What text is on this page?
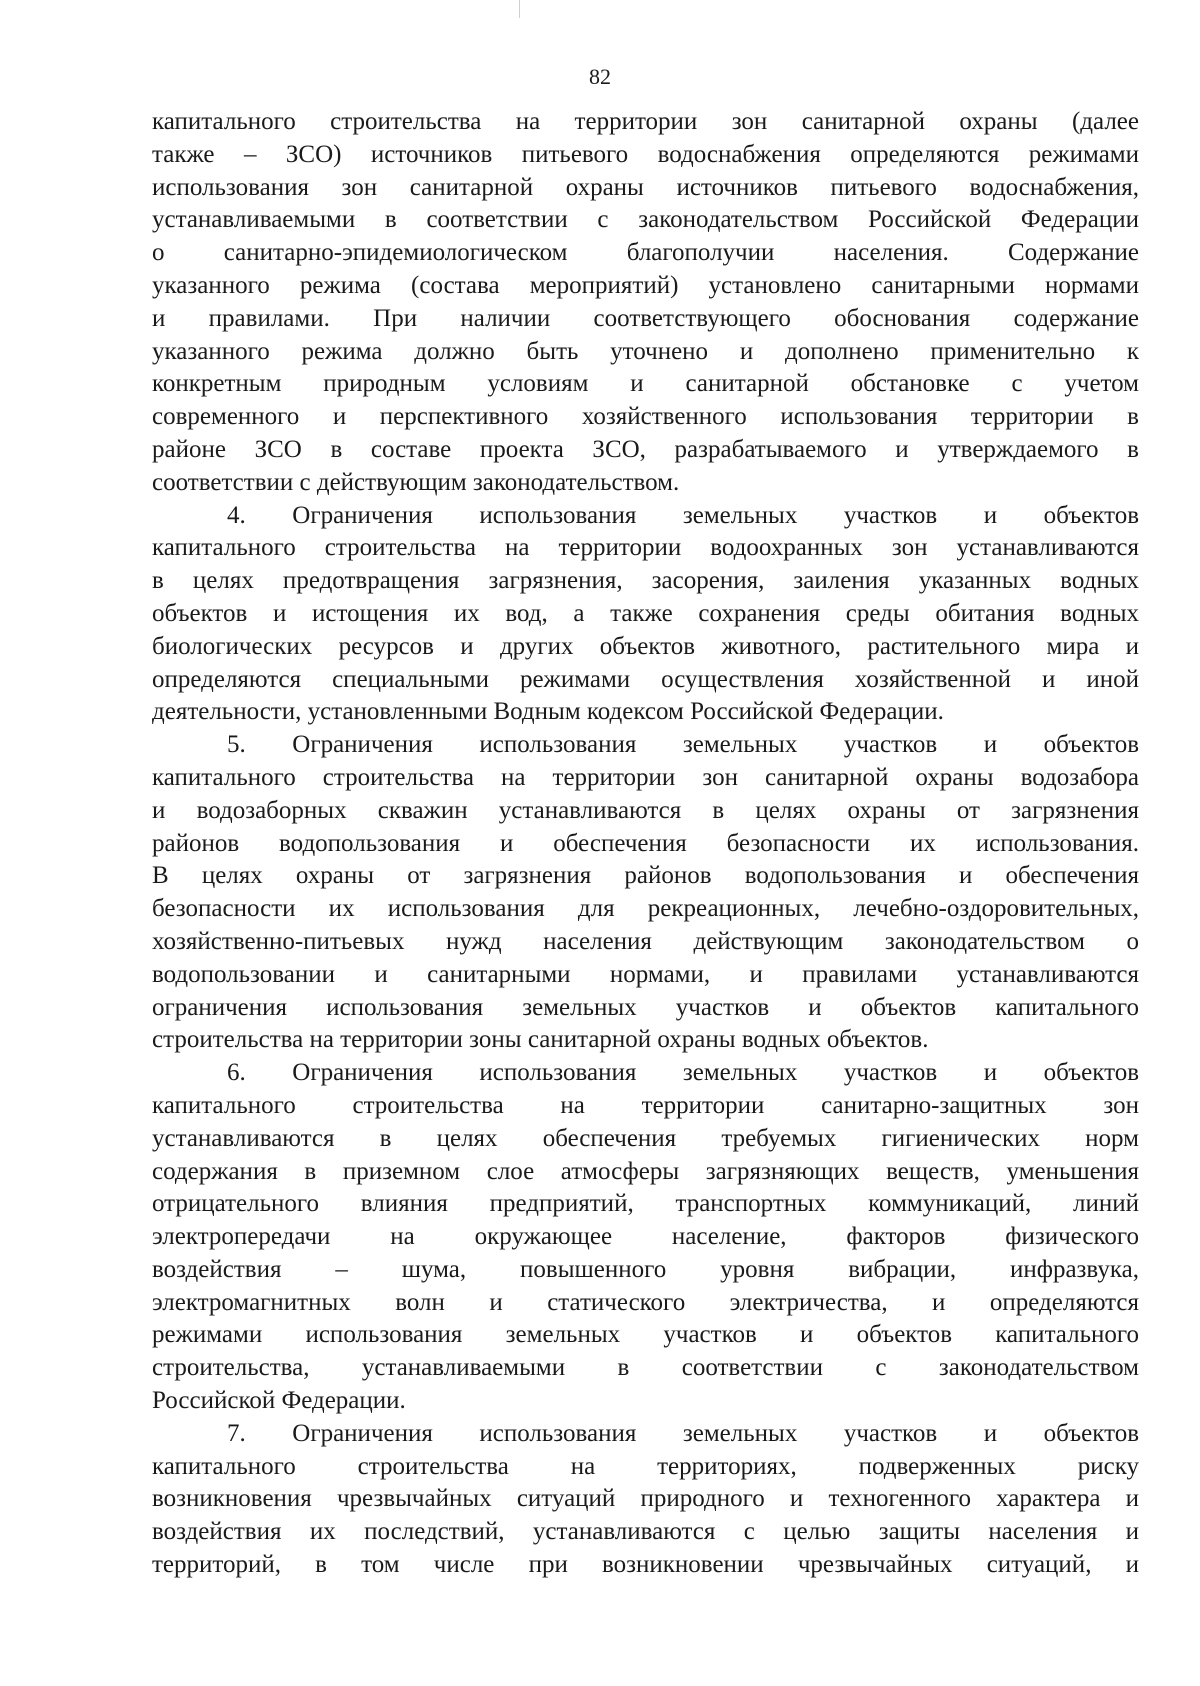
82
капитального строительства на территории зон санитарной охраны (далее
также – ЗСО) источников питьевого водоснабжения определяются режимами
использования зон санитарной охраны источников питьевого водоснабжения,
устанавливаемыми в соответствии с законодательством Российской Федерации
о санитарно-эпидемиологическом благополучии населения. Содержание
указанного режима (состава мероприятий) установлено санитарными нормами
и правилами. При наличии соответствующего обоснования содержание
указанного режима должно быть уточнено и дополнено применительно к
конкретным природным условиям и санитарной обстановке с учетом
современного и перспективного хозяйственного использования территории в
районе ЗСО в составе проекта ЗСО, разрабатываемого и утверждаемого в
соответствии с действующим законодательством.
4. Ограничения использования земельных участков и объектов
капитального строительства на территории водоохранных зон устанавливаются
в целях предотвращения загрязнения, засорения, заиления указанных водных
объектов и истощения их вод, а также сохранения среды обитания водных
биологических ресурсов и других объектов животного, растительного мира и
определяются специальными режимами осуществления хозяйственной и иной
деятельности, установленными Водным кодексом Российской Федерации.
5. Ограничения использования земельных участков и объектов
капитального строительства на территории зон санитарной охраны водозабора
и водозаборных скважин устанавливаются в целях охраны от загрязнения
районов водопользования и обеспечения безопасности их использования.
В целях охраны от загрязнения районов водопользования и обеспечения
безопасности их использования для рекреационных, лечебно-оздоровительных,
хозяйственно-питьевых нужд населения действующим законодательством о
водопользовании и санитарными нормами, и правилами устанавливаются
ограничения использования земельных участков и объектов капитального
строительства на территории зоны санитарной охраны водных объектов.
6. Ограничения использования земельных участков и объектов
капитального строительства на территории санитарно-защитных зон
устанавливаются в целях обеспечения требуемых гигиенических норм
содержания в приземном слое атмосферы загрязняющих веществ, уменьшения
отрицательного влияния предприятий, транспортных коммуникаций, линий
электропередачи на окружающее население, факторов физического
воздействия – шума, повышенного уровня вибрации, инфразвука,
электромагнитных волн и статического электричества, и определяются
режимами использования земельных участков и объектов капитального
строительства, устанавливаемыми в соответствии с законодательством
Российской Федерации.
7. Ограничения использования земельных участков и объектов
капитального строительства на территориях, подверженных риску
возникновения чрезвычайных ситуаций природного и техногенного характера и
воздействия их последствий, устанавливаются с целью защиты населения и
территорий, в том числе при возникновении чрезвычайных ситуаций, и
